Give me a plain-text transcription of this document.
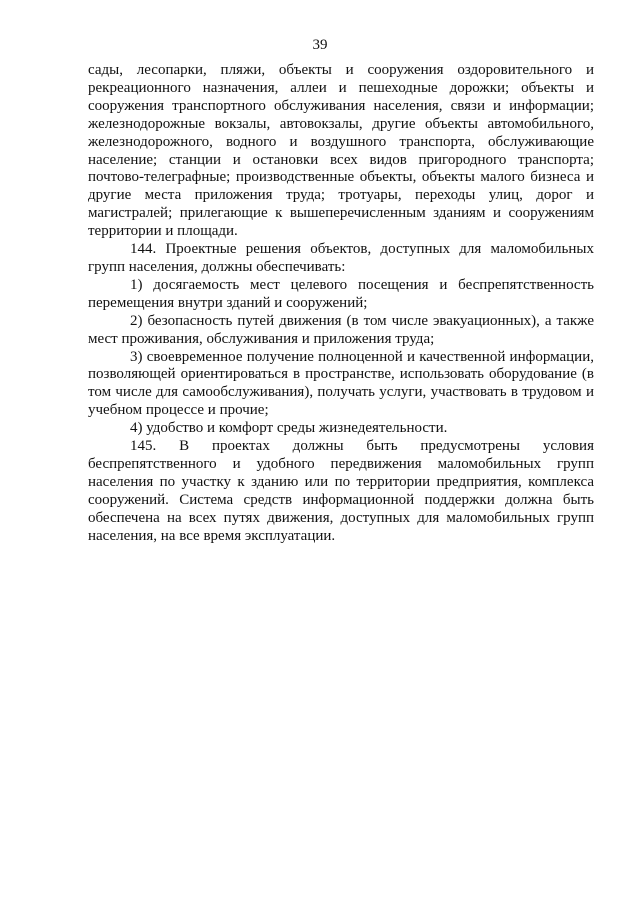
39

сады, лесопарки, пляжи, объекты и сооружения оздоровительного и рекреационного назначения, аллеи и пешеходные дорожки; объекты и сооружения транспортного обслуживания населения, связи и информации; железнодорожные вокзалы, автовокзалы, другие объекты автомобильного, железнодорожного, водного и воздушного транспорта, обслуживающие население; станции и остановки всех видов пригородного транспорта; почтово-телеграфные; производственные объекты, объекты малого бизнеса и другие места приложения труда; тротуары, переходы улиц, дорог и магистралей; прилегающие к вышеперечисленным зданиям и сооружениям территории и площади.

144. Проектные решения объектов, доступных для маломобильных групп населения, должны обеспечивать:

1) досягаемость мест целевого посещения и беспрепятственность перемещения внутри зданий и сооружений;

2) безопасность путей движения (в том числе эвакуационных), а также мест проживания, обслуживания и приложения труда;

3) своевременное получение полноценной и качественной информации, позволяющей ориентироваться в пространстве, использовать оборудование (в том числе для самообслуживания), получать услуги, участвовать в трудовом и учебном процессе и прочие;

4) удобство и комфорт среды жизнедеятельности.

145. В проектах должны быть предусмотрены условия беспрепятственного и удобного передвижения маломобильных групп населения по участку к зданию или по территории предприятия, комплекса сооружений. Система средств информационной поддержки должна быть обеспечена на всех путях движения, доступных для маломобильных групп населения, на все время эксплуатации.
